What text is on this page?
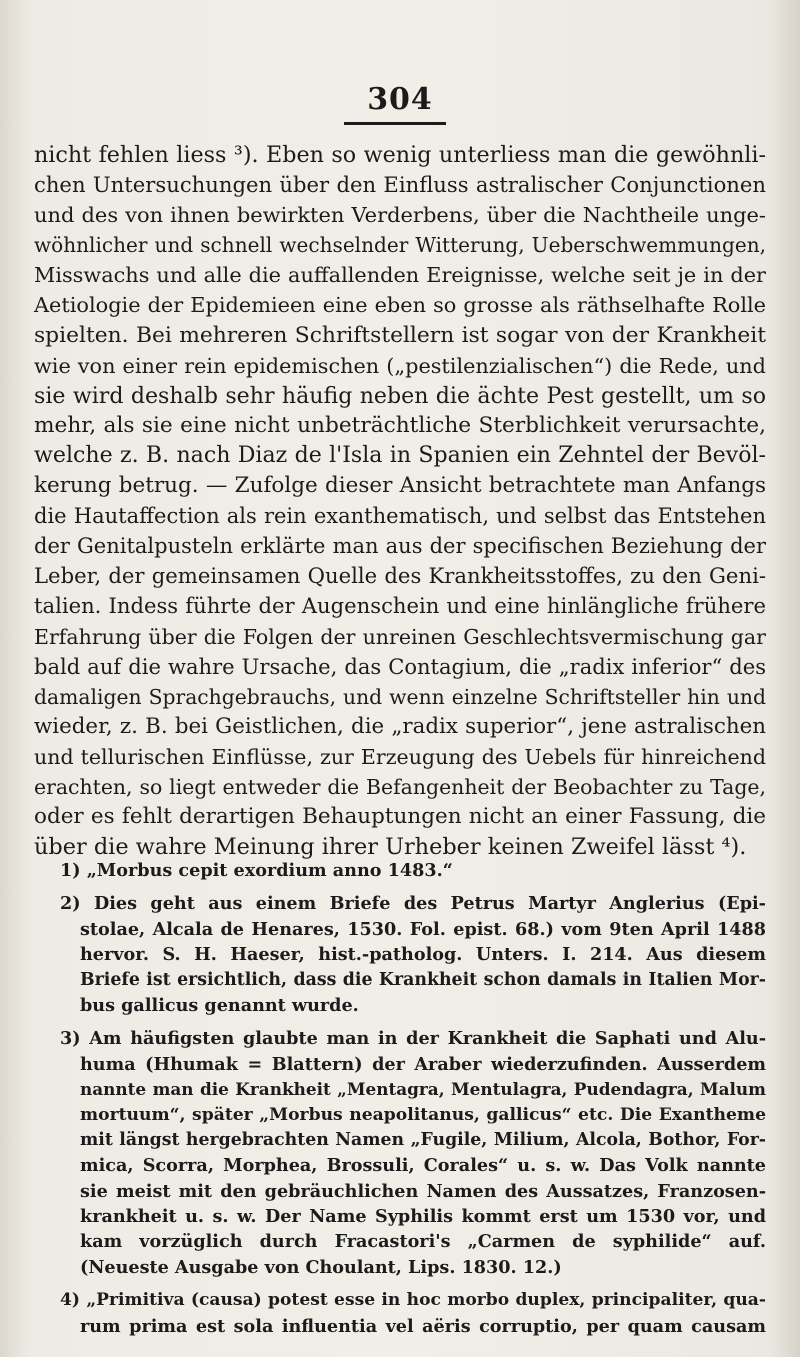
304
nicht fehlen liess ³). Eben so wenig unterliess man die gewöhnli-
chen Untersuchungen über den Einfluss astralischer Conjunctionen
und des von ihnen bewirkten Verderbens, über die Nachtheile unge-
wöhnlicher und schnell wechselnder Witterung, Ueberschwemmungen,
Misswachs und alle die auffallenden Ereignisse, welche seit je in der
Aetiologie der Epidemieen eine eben so grosse als räthselhafte Rolle
spielten. Bei mehreren Schriftstellern ist sogar von der Krankheit
wie von einer rein epidemischen („pestilenzialischen“) die Rede, und
sie wird deshalb sehr häufig neben die ächte Pest gestellt, um so
mehr, als sie eine nicht unbeträchtliche Sterblichkeit verursachte,
welche z. B. nach Diaz de l'Isla in Spanien ein Zehntel der Bevöl-
kerung betrug. — Zufolge dieser Ansicht betrachtete man Anfangs
die Hautaffection als rein exanthematisch, und selbst das Entstehen
der Genitalpusteln erklärte man aus der specifischen Beziehung der
Leber, der gemeinsamen Quelle des Krankheitsstoffes, zu den Geni-
talien. Indess führte der Augenschein und eine hinlängliche frühere
Erfahrung über die Folgen der unreinen Geschlechtsvermischung gar
bald auf die wahre Ursache, das Contagium, die „radix inferior“ des
damaligen Sprachgebrauchs, und wenn einzelne Schriftsteller hin und
wieder, z. B. bei Geistlichen, die „radix superior“, jene astralischen
und tellurischen Einflüsse, zur Erzeugung des Uebels für hinreichend
erachten, so liegt entweder die Befangenheit der Beobachter zu Tage,
oder es fehlt derartigen Behauptungen nicht an einer Fassung, die
über die wahre Meinung ihrer Urheber keinen Zweifel lässt ⁴).
1) „Morbus cepit exordium anno 1483.“
2) Dies geht aus einem Briefe des Petrus Martyr Anglerius (Epi-
stolae, Alcala de Henares, 1530. Fol. epist. 68.) vom 9ten April 1488
hervor. S. H. Haeser, hist.-patholog. Unters. I. 214. Aus diesem
Briefe ist ersichtlich, dass die Krankheit schon damals in Italien Mor-
bus gallicus genannt wurde.
3) Am häufigsten glaubte man in der Krankheit die Saphati und Alu-
huma (Hhumak = Blattern) der Araber wiederzufinden. Ausserdem
nannte man die Krankheit „Mentagra, Mentulagra, Pudendagra, Malum
mortuum“, später „Morbus neapolitanus, gallicus“ etc. Die Exantheme
mit längst hergebrachten Namen „Fugile, Milium, Alcola, Bothor, For-
mica, Scorra, Morphea, Brossuli, Corales“ u. s. w. Das Volk nannte
sie meist mit den gebräuchlichen Namen des Aussatzes, Franzosen-
krankheit u. s. w. Der Name Syphilis kommt erst um 1530 vor, und
kam vorzüglich durch Fracastori's „Carmen de syphilide“ auf.
(Neueste Ausgabe von Choulant, Lips. 1830. 12.)
4) „Primitiva (causa) potest esse in hoc morbo duplex, principaliter, qua-
rum prima est sola influentia vel aëris corruptio, per quam causam
